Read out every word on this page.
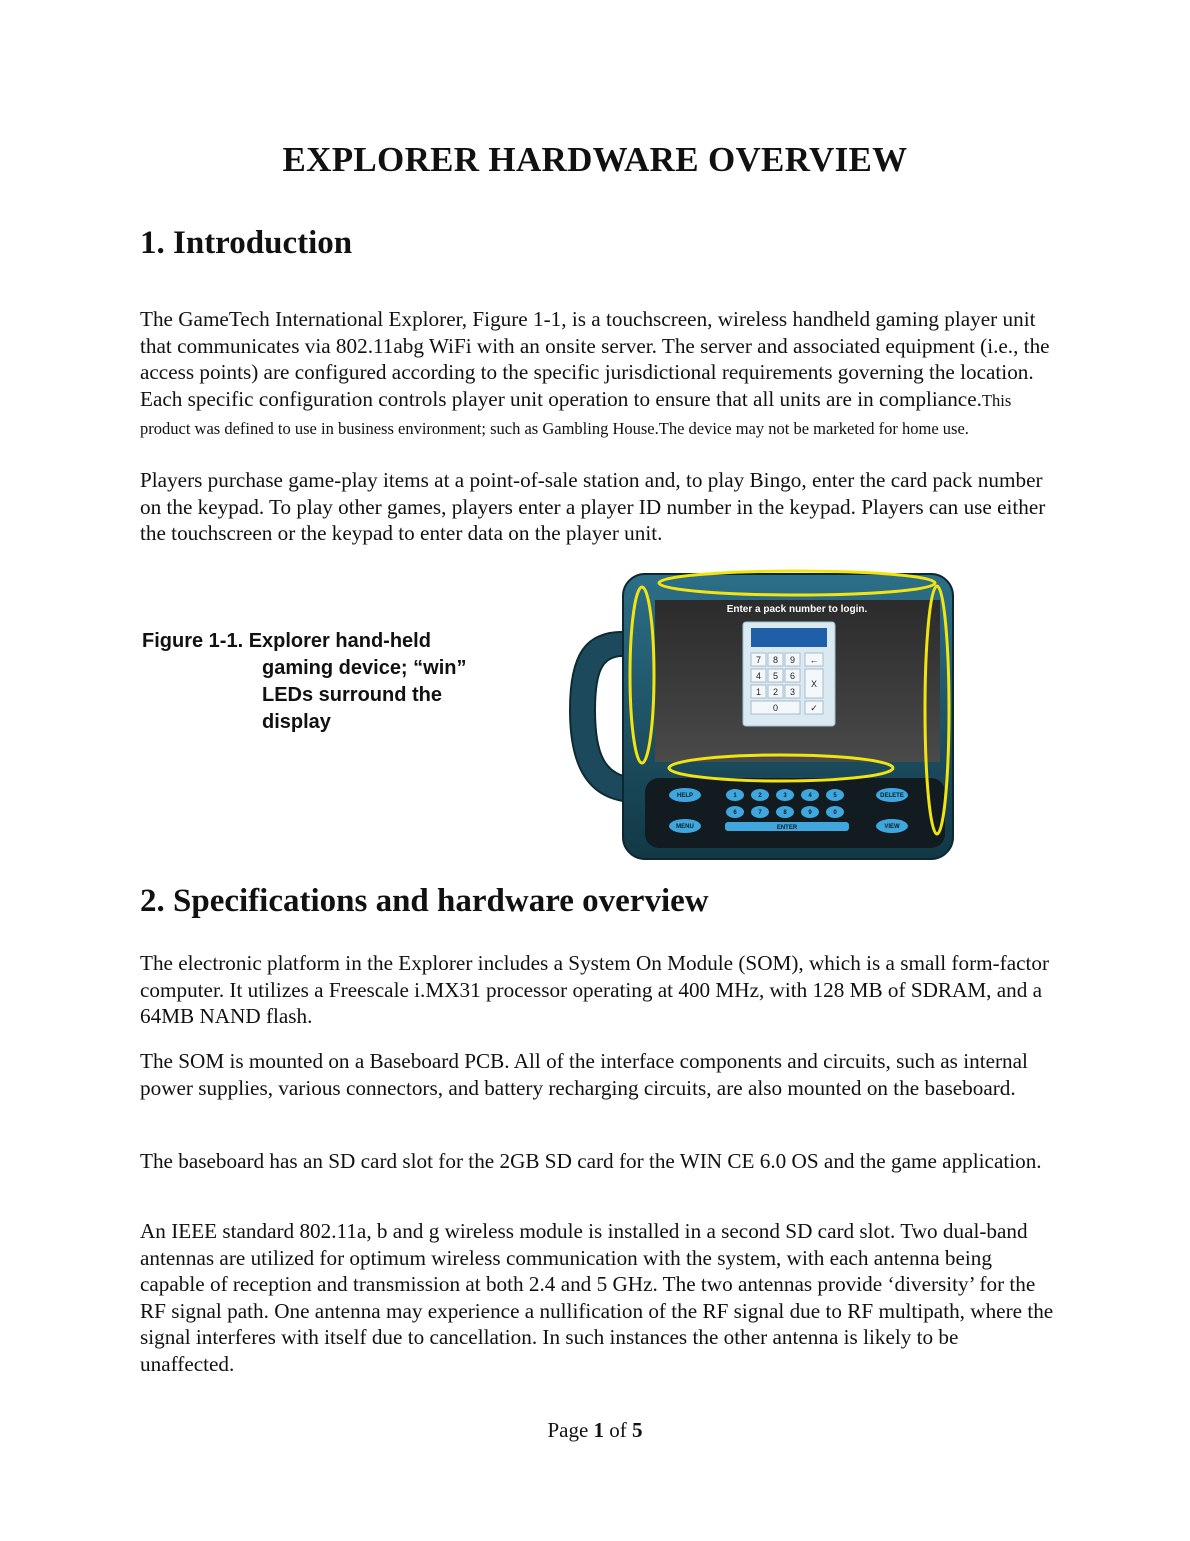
EXPLORER HARDWARE OVERVIEW
1. Introduction

The GameTech International Explorer, Figure 1-1, is a touchscreen, wireless handheld gaming player unit that communicates via 802.11abg WiFi with an onsite server. The server and associated equipment (i.e., the access points) are configured according to the specific jurisdictional requirements governing the location. Each specific configuration controls player unit operation to ensure that all units are in compliance.This product was defined to use in business environment; such as Gambling House.The device may not be marketed for home use.

Players purchase game-play items at a point-of-sale station and, to play Bingo, enter the card pack number on the keypad. To play other games, players enter a player ID number in the keypad. Players can use either the touchscreen or the keypad to enter data on the player unit.

Figure 1-1. Explorer hand-held
gaming device; “win” LEDs surround the display
Enter a pack number to login.
7 8 9 ←
4 5 6
X
1 2 3
0	✓
HELP
MENU
DELETE
VIEW
ENTER
1	2	3	4	5
6	7	8	9	0
2. Specifications and hardware overview

The electronic platform in the Explorer includes a System On Module (SOM), which is a small form-factor computer. It utilizes a Freescale i.MX31 processor operating at 400 MHz, with 128 MB of SDRAM, and a 64MB NAND flash.

The SOM is mounted on a Baseboard PCB. All of the interface components and circuits, such as internal power supplies, various connectors, and battery recharging circuits, are also mounted on the baseboard.

The baseboard has an SD card slot for the 2GB SD card for the WIN CE 6.0 OS and the game application.

An IEEE standard 802.11a, b and g wireless module is installed in a second SD card slot. Two dual-band antennas are utilized for optimum wireless communication with the system, with each antenna being capable of reception and transmission at both 2.4 and 5 GHz. The two antennas provide ‘diversity’ for the RF signal path. One antenna may experience a nullification of the RF signal due to RF multipath, where the signal interferes with itself due to cancellation. In such instances the other antenna is likely to be unaffected.

Page 1 of 5
